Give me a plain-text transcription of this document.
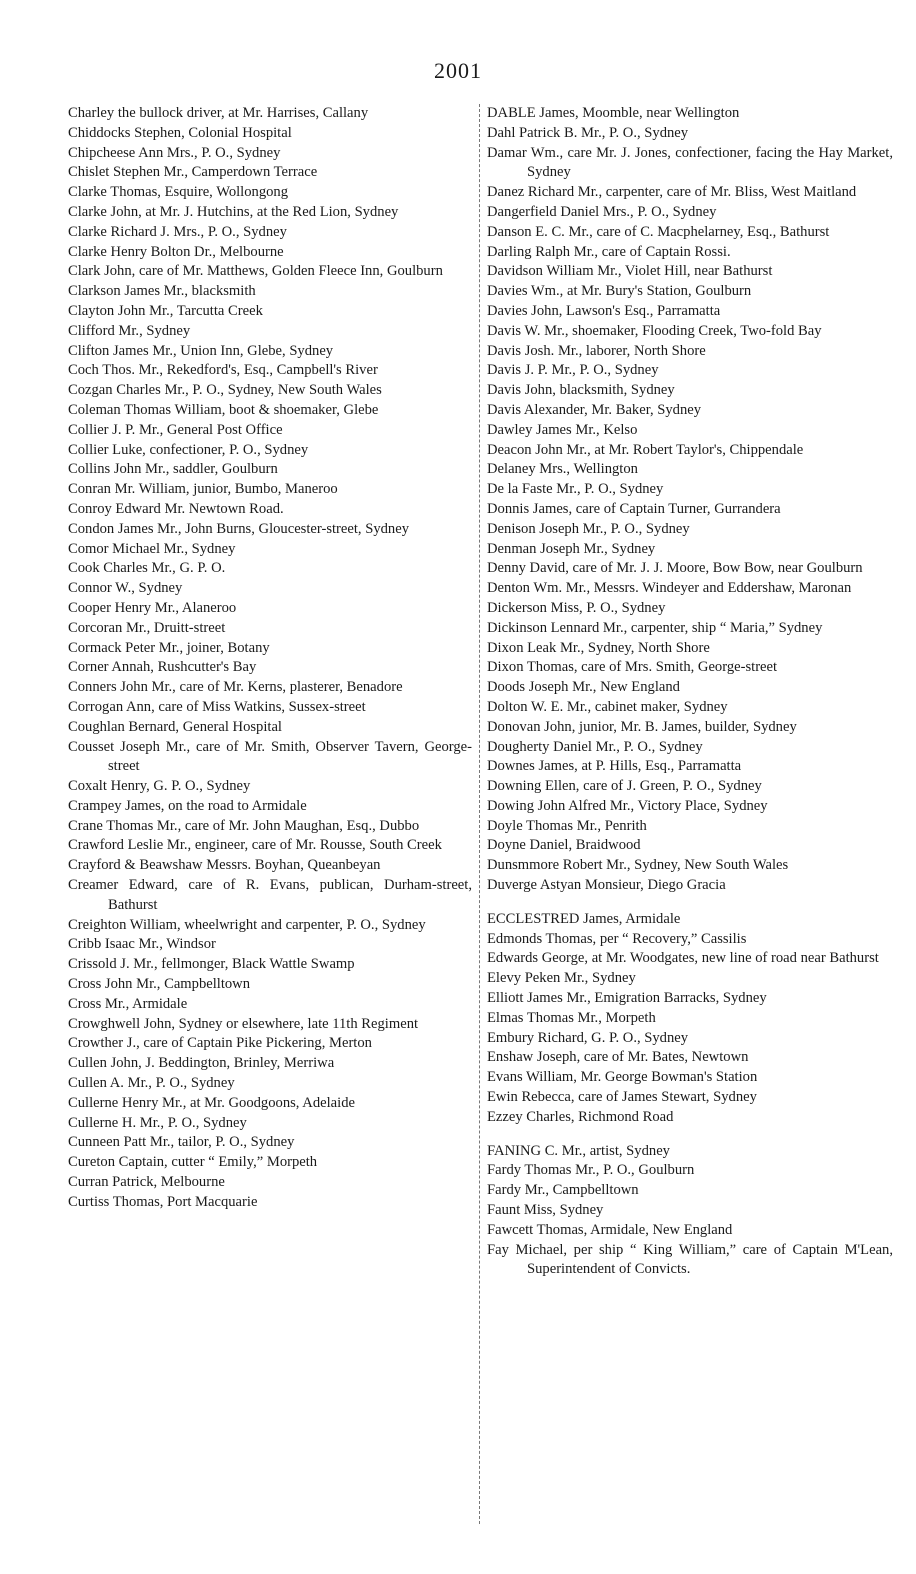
2001
Charley the bullock driver, at Mr. Harrises, Callany
Chiddocks Stephen, Colonial Hospital
Chipcheese Ann Mrs., P. O., Sydney
Chislet Stephen Mr., Camperdown Terrace
Clarke Thomas, Esquire, Wollongong
Clarke John, at Mr. J. Hutchins, at the Red Lion, Sydney
Clarke Richard J. Mrs., P. O., Sydney
Clarke Henry Bolton Dr., Melbourne
Clark John, care of Mr. Matthews, Golden Fleece Inn, Goulburn
Clarkson James Mr., blacksmith
Clayton John Mr., Tarcutta Creek
Clifford Mr., Sydney
Clifton James Mr., Union Inn, Glebe, Sydney
Coch Thos. Mr., Rekedford's, Esq., Campbell's River
Cozgan Charles Mr., P. O., Sydney, New South Wales
Coleman Thomas William, boot & shoemaker, Glebe
Collier J. P. Mr., General Post Office
Collier Luke, confectioner, P. O., Sydney
Collins John Mr., saddler, Goulburn
Conran Mr. William, junior, Bumbo, Maneroo
Conroy Edward Mr. Newtown Road.
Condon James Mr., John Burns, Gloucester-street, Sydney
Comor Michael Mr., Sydney
Cook Charles Mr., G. P. O.
Connor W., Sydney
Cooper Henry Mr., Alaneroo
Corcoran Mr., Druitt-street
Cormack Peter Mr., joiner, Botany
Corner Annah, Rushcutter's Bay
Conners John Mr., care of Mr. Kerns, plasterer, Benadore
Corrogan Ann, care of Miss Watkins, Sussex-street
Coughlan Bernard, General Hospital
Cousset Joseph Mr., care of Mr. Smith, Observer Tavern, George-street
Coxalt Henry, G. P. O., Sydney
Crampey James, on the road to Armidale
Crane Thomas Mr., care of Mr. John Maughan, Esq., Dubbo
Crawford Leslie Mr., engineer, care of Mr. Rousse, South Creek
Crayford & Beawshaw Messrs. Boyhan, Queanbeyan
Creamer Edward, care of R. Evans, publican, Durham-street, Bathurst
Creighton William, wheelwright and carpenter, P. O., Sydney
Cribb Isaac Mr., Windsor
Crissold J. Mr., fellmonger, Black Wattle Swamp
Cross John Mr., Campbelltown
Cross Mr., Armidale
Crowghwell John, Sydney or elsewhere, late 11th Regiment
Crowther J., care of Captain Pike Pickering, Merton
Cullen John, J. Beddington, Brinley, Merriwa
Cullen A. Mr., P. O., Sydney
Cullerne Henry Mr., at Mr. Goodgoons, Adelaide
Cullerne H. Mr., P. O., Sydney
Cunneen Patt Mr., tailor, P. O., Sydney
Cureton Captain, cutter “ Emily,” Morpeth
Curran Patrick, Melbourne
Curtiss Thomas, Port Macquarie
DABLE James, Moomble, near Wellington
Dahl Patrick B. Mr., P. O., Sydney
Damar Wm., care Mr. J. Jones, confectioner, facing the Hay Market, Sydney
Danez Richard Mr., carpenter, care of Mr. Bliss, West Maitland
Dangerfield Daniel Mrs., P. O., Sydney
Danson E. C. Mr., care of C. Macphelarney, Esq., Bathurst
Darling Ralph Mr., care of Captain Rossi.
Davidson William Mr., Violet Hill, near Bathurst
Davies Wm., at Mr. Bury's Station, Goulburn
Davies John, Lawson's Esq., Parramatta
Davis W. Mr., shoemaker, Flooding Creek, Two-fold Bay
Davis Josh. Mr., laborer, North Shore
Davis J. P. Mr., P. O., Sydney
Davis John, blacksmith, Sydney
Davis Alexander, Mr. Baker, Sydney
Dawley James Mr., Kelso
Deacon John Mr., at Mr. Robert Taylor's, Chippendale
Delaney Mrs., Wellington
De la Faste Mr., P. O., Sydney
Donnis James, care of Captain Turner, Gurrandera
Denison Joseph Mr., P. O., Sydney
Denman Joseph Mr., Sydney
Denny David, care of Mr. J. J. Moore, Bow Bow, near Goulburn
Denton Wm. Mr., Messrs. Windeyer and Eddershaw, Maronan
Dickerson Miss, P. O., Sydney
Dickinson Lennard Mr., carpenter, ship “ Maria,” Sydney
Dixon Leak Mr., Sydney, North Shore
Dixon Thomas, care of Mrs. Smith, George-street
Doods Joseph Mr., New England
Dolton W. E. Mr., cabinet maker, Sydney
Donovan John, junior, Mr. B. James, builder, Sydney
Dougherty Daniel Mr., P. O., Sydney
Downes James, at P. Hills, Esq., Parramatta
Downing Ellen, care of J. Green, P. O., Sydney
Dowing John Alfred Mr., Victory Place, Sydney
Doyle Thomas Mr., Penrith
Doyne Daniel, Braidwood
Dunsmmore Robert Mr., Sydney, New South Wales
Duverge Astyan Monsieur, Diego Gracia
ECCLESTRED James, Armidale
Edmonds Thomas, per “ Recovery,” Cassilis
Edwards George, at Mr. Woodgates, new line of road near Bathurst
Elevy Peken Mr., Sydney
Elliott James Mr., Emigration Barracks, Sydney
Elmas Thomas Mr., Morpeth
Embury Richard, G. P. O., Sydney
Enshaw Joseph, care of Mr. Bates, Newtown
Evans William, Mr. George Bowman's Station
Ewin Rebecca, care of James Stewart, Sydney
Ezzey Charles, Richmond Road
FANING C. Mr., artist, Sydney
Fardy Thomas Mr., P. O., Goulburn
Fardy Mr., Campbelltown
Faunt Miss, Sydney
Fawcett Thomas, Armidale, New England
Fay Michael, per ship “ King William,” care of Captain M'Lean, Superintendent of Convicts.
